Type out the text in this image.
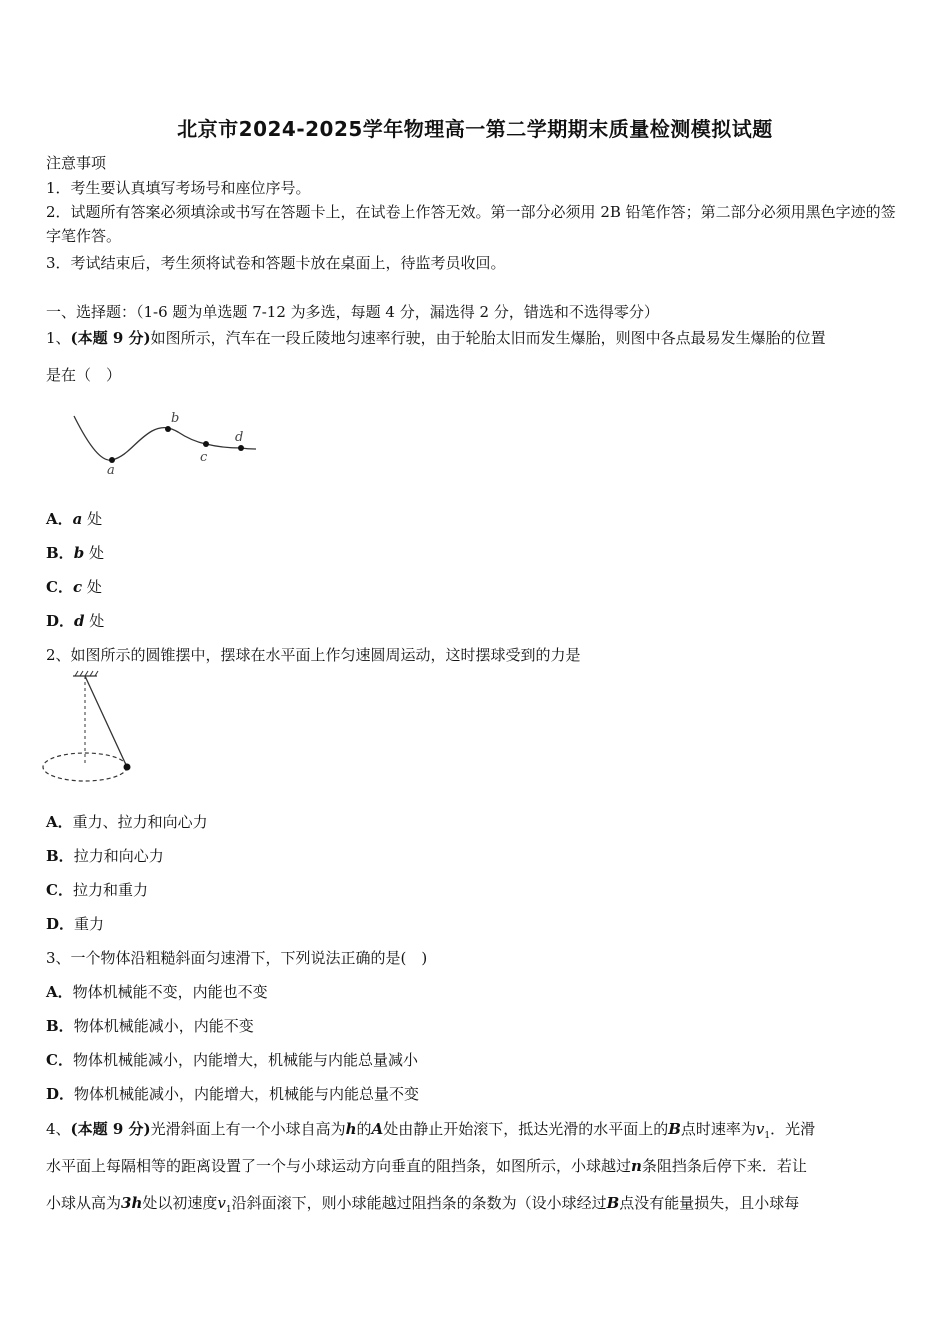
北京市2024-2025学年物理高一第二学期期末质量检测模拟试题
注意事项
1．考生要认真填写考场号和座位序号。
2．试题所有答案必须填涂或书写在答题卡上，在试卷上作答无效。第一部分必须用 2B 铅笔作答；第二部分必须用黑色字迹的签字笔作答。
3．考试结束后，考生须将试卷和答题卡放在桌面上，待监考员收回。
一、选择题：（1-6 题为单选题 7-12 为多选，每题 4 分，漏选得 2 分，错选和不选得零分）
1、(本题 9 分)如图所示，汽车在一段丘陵地匀速率行驶，由于轮胎太旧而发生爆胎，则图中各点最易发生爆胎的位置
是在（　）
a
b
c
d
A．a 处
B．b 处
C．c 处
D．d 处
2、如图所示的圆锥摆中，摆球在水平面上作匀速圆周运动，这时摆球受到的力是
A．重力、拉力和向心力
B．拉力和向心力
C．拉力和重力
D．重力
3、一个物体沿粗糙斜面匀速滑下，下列说法正确的是(　)
A．物体机械能不变，内能也不变
B．物体机械能减小，内能不变
C．物体机械能减小，内能增大，机械能与内能总量减小
D．物体机械能减小，内能增大，机械能与内能总量不变
4、(本题 9 分)光滑斜面上有一个小球自高为h的A处由静止开始滚下，抵达光滑的水平面上的B点时速率为$v_1$．光滑
水平面上每隔相等的距离设置了一个与小球运动方向垂直的阻挡条，如图所示，小球越过n条阻挡条后停下来．若让
小球从高为3h处以初速度$v_1$沿斜面滚下，则小球能越过阻挡条的条数为（设小球经过B点没有能量损失，且小球每
